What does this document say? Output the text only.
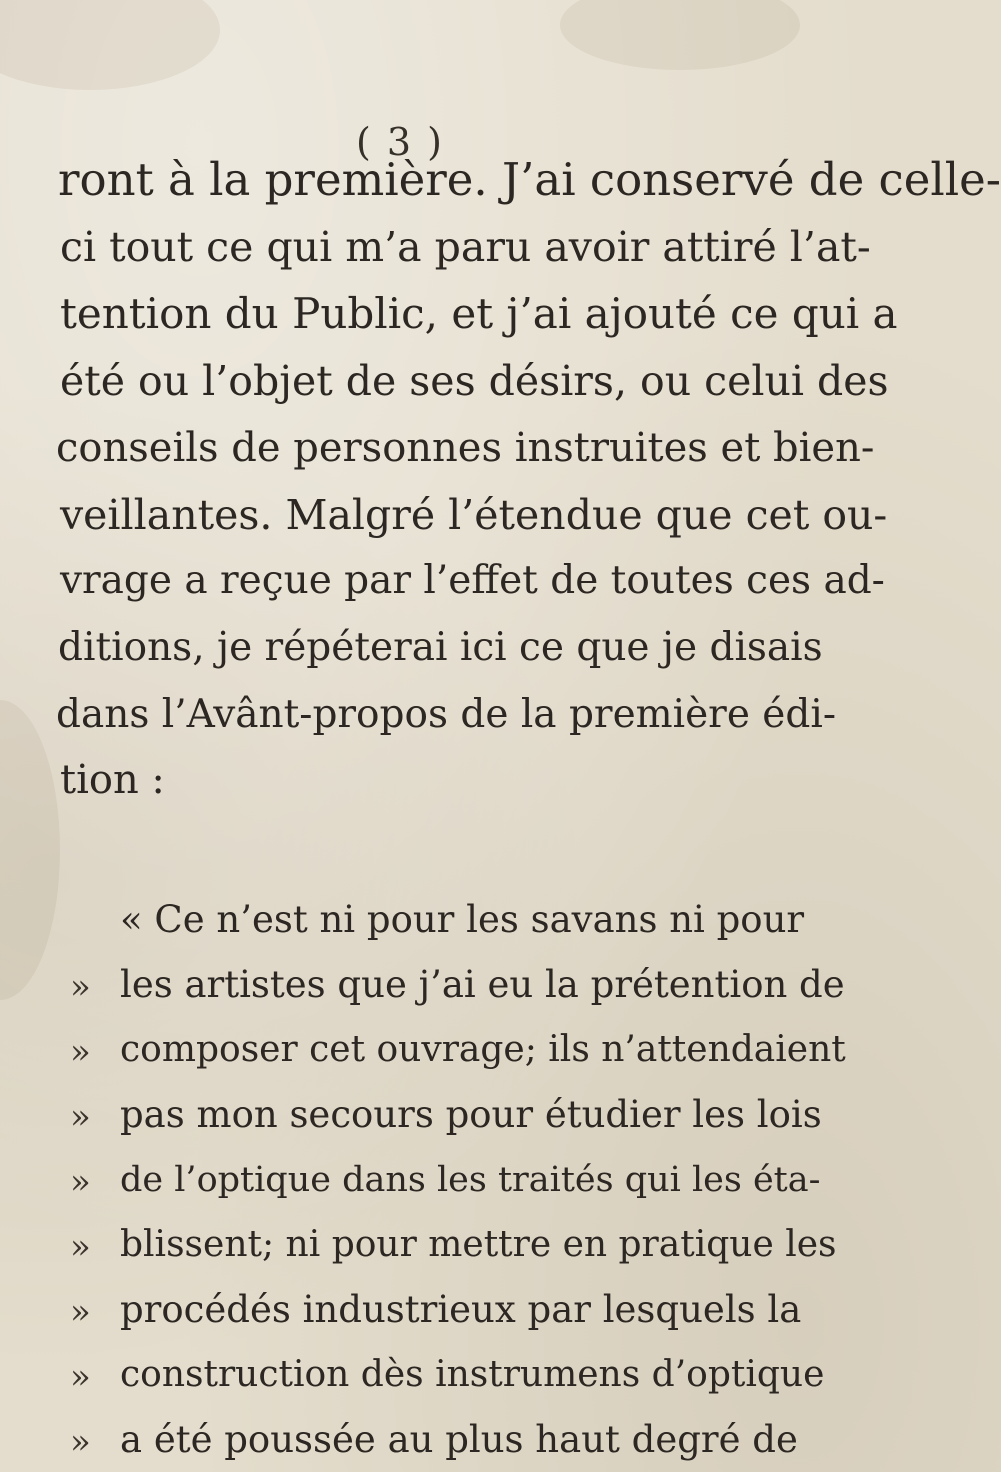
( 3 )
ront à la première. J’ai conservé de celle-
ci tout ce qui m’a paru avoir attiré l’at-
tention du Public, et j’ai ajouté ce qui a
été ou l’objet de ses désirs, ou celui des
conseils de personnes instruites et bien-
veillantes. Malgré l’étendue que cet ou-
vrage a reçue par l’effet de toutes ces ad-
ditions, je répéterai ici ce que je disais
dans l’Avânt-propos de la première édi-
tion :
« Ce n’est ni pour les savans ni pour
» les artistes que j’ai eu la prétention de
» composer cet ouvrage; ils n’attendaient
» pas mon secours pour étudier les lois
» de l’optique dans les traités qui les éta-
» blissent; ni pour mettre en pratique les
» procédés industrieux par lesquels la
» construction dès instrumens d’optique
» a été poussée au plus haut degré de
